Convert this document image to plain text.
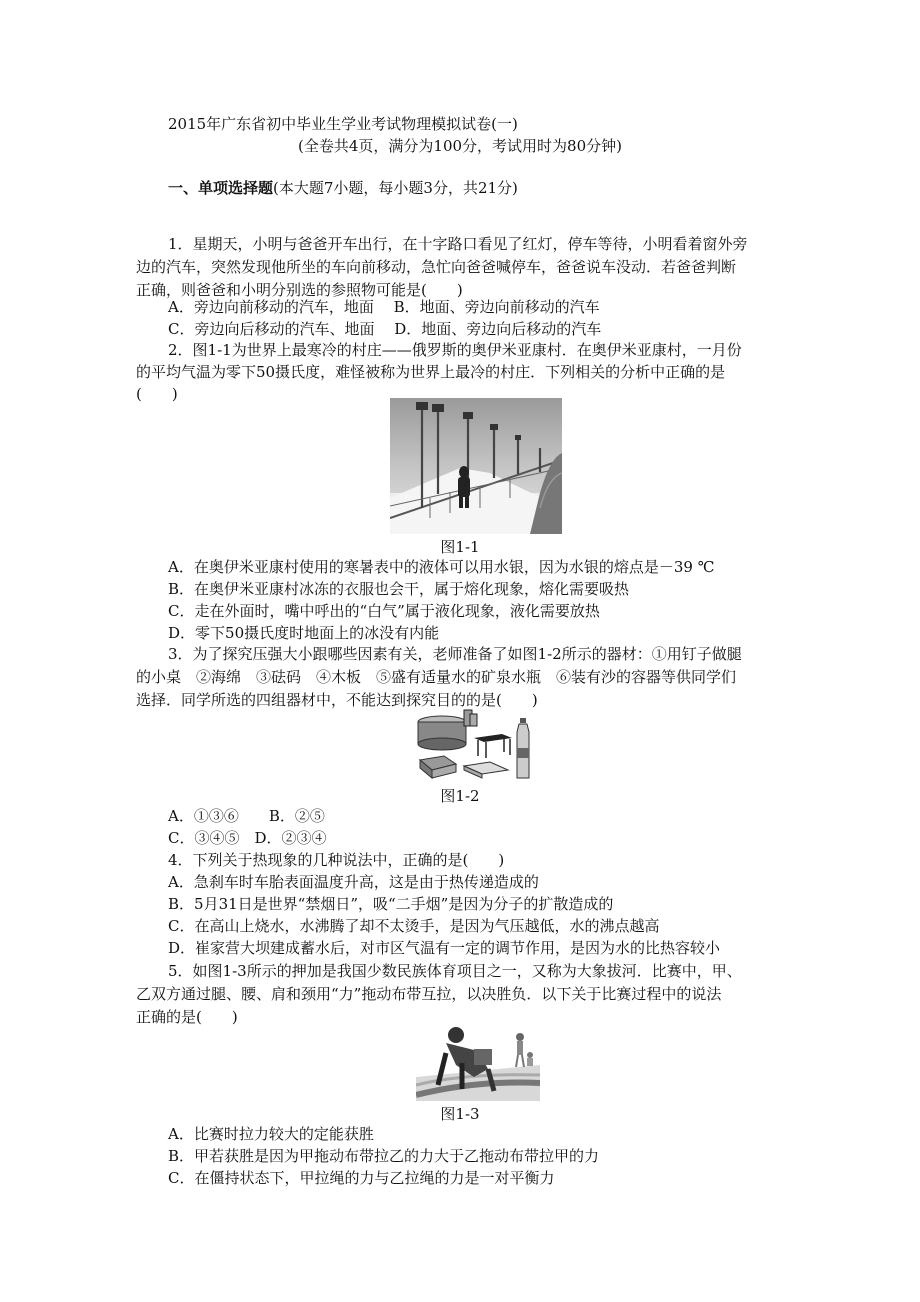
2015年广东省初中毕业生学业考试物理模拟试卷(一)
(全卷共4页，满分为100分，考试用时为80分钟)
一、单项选择题(本大题7小题，每小题3分，共21分)
1．星期天，小明与爸爸开车出行，在十字路口看见了红灯，停车等待，小明看着窗外旁
边的汽车，突然发现他所坐的车向前移动，急忙向爸爸喊停车，爸爸说车没动．若爸爸判断
正确，则爸爸和小明分别选的参照物可能是(　　)
A．旁边向前移动的汽车，地面　 B．地面、旁边向前移动的汽车
C．旁边向后移动的汽车、地面　 D．地面、旁边向后移动的汽车
2．图1-1为世界上最寒冷的村庄——俄罗斯的奥伊米亚康村．在奥伊米亚康村，一月份
的平均气温为零下50摄氏度，难怪被称为世界上最冷的村庄．下列相关的分析中正确的是
(　　)
图1-1
A．在奥伊米亚康村使用的寒暑表中的液体可以用水银，因为水银的熔点是－39 ℃
B．在奥伊米亚康村冰冻的衣服也会干，属于熔化现象，熔化需要吸热
C．走在外面时，嘴中呼出的“白气”属于液化现象，液化需要放热
D．零下50摄氏度时地面上的冰没有内能
3．为了探究压强大小跟哪些因素有关，老师准备了如图1-2所示的器材：①用钉子做腿
的小桌　②海绵　③砝码　④木板　⑤盛有适量水的矿泉水瓶　⑥装有沙的容器等供同学们
选择．同学所选的四组器材中，不能达到探究目的的是(　　)
图1-2
A．①③⑥　　B．②⑤
C．③④⑤　D．②③④
4．下列关于热现象的几种说法中，正确的是(　　)
A．急刹车时车胎表面温度升高，这是由于热传递造成的
B．5月31日是世界“禁烟日”，吸“二手烟”是因为分子的扩散造成的
C．在高山上烧水，水沸腾了却不太烫手，是因为气压越低，水的沸点越高
D．崔家营大坝建成蓄水后，对市区气温有一定的调节作用，是因为水的比热容较小
5．如图1-3所示的押加是我国少数民族体育项目之一，又称为大象拔河．比赛中，甲、
乙双方通过腿、腰、肩和颈用“力”拖动布带互拉，以决胜负．以下关于比赛过程中的说法
正确的是(　　)
图1-3
A．比赛时拉力较大的定能获胜
B．甲若获胜是因为甲拖动布带拉乙的力大于乙拖动布带拉甲的力
C．在僵持状态下，甲拉绳的力与乙拉绳的力是一对平衡力
